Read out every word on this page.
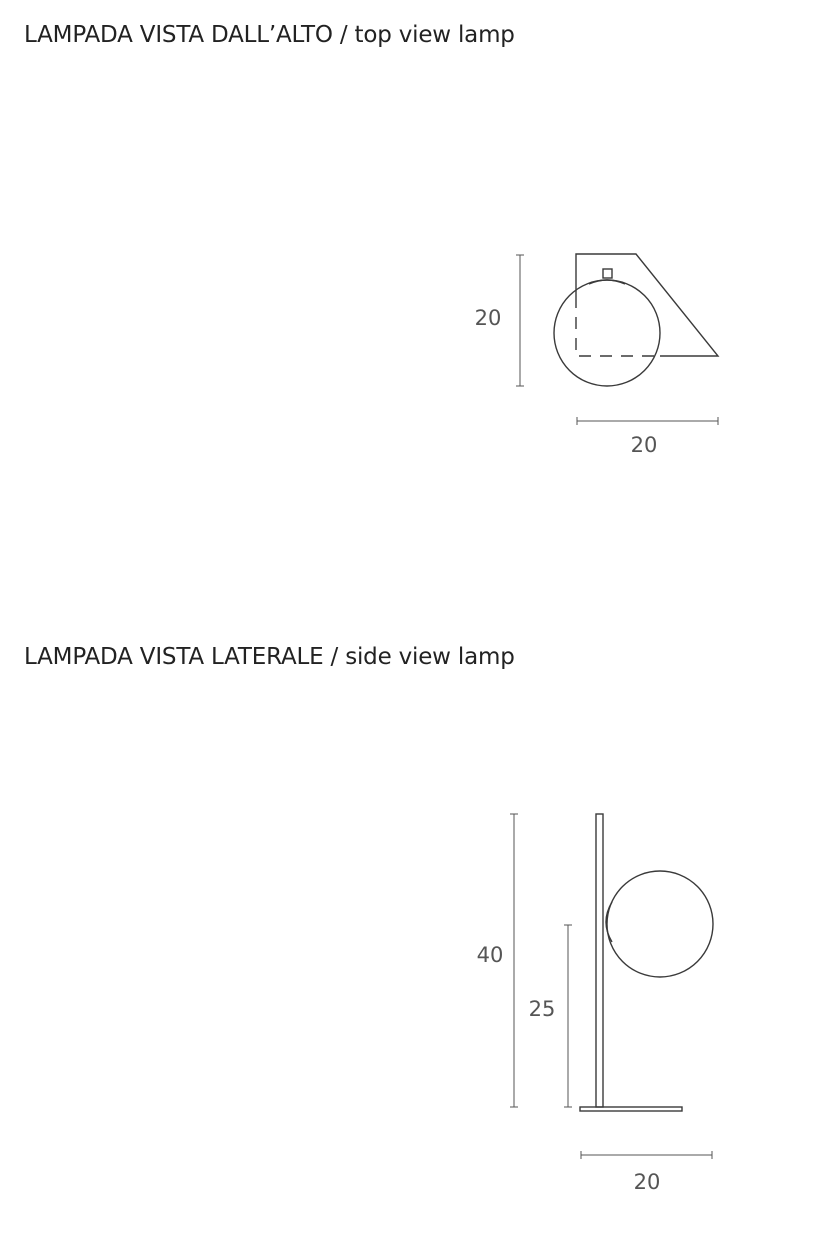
LAMPADA VISTA DALL’ALTO / top view lamp
20
20
LAMPADA VISTA LATERALE / side view lamp
40
25
20
